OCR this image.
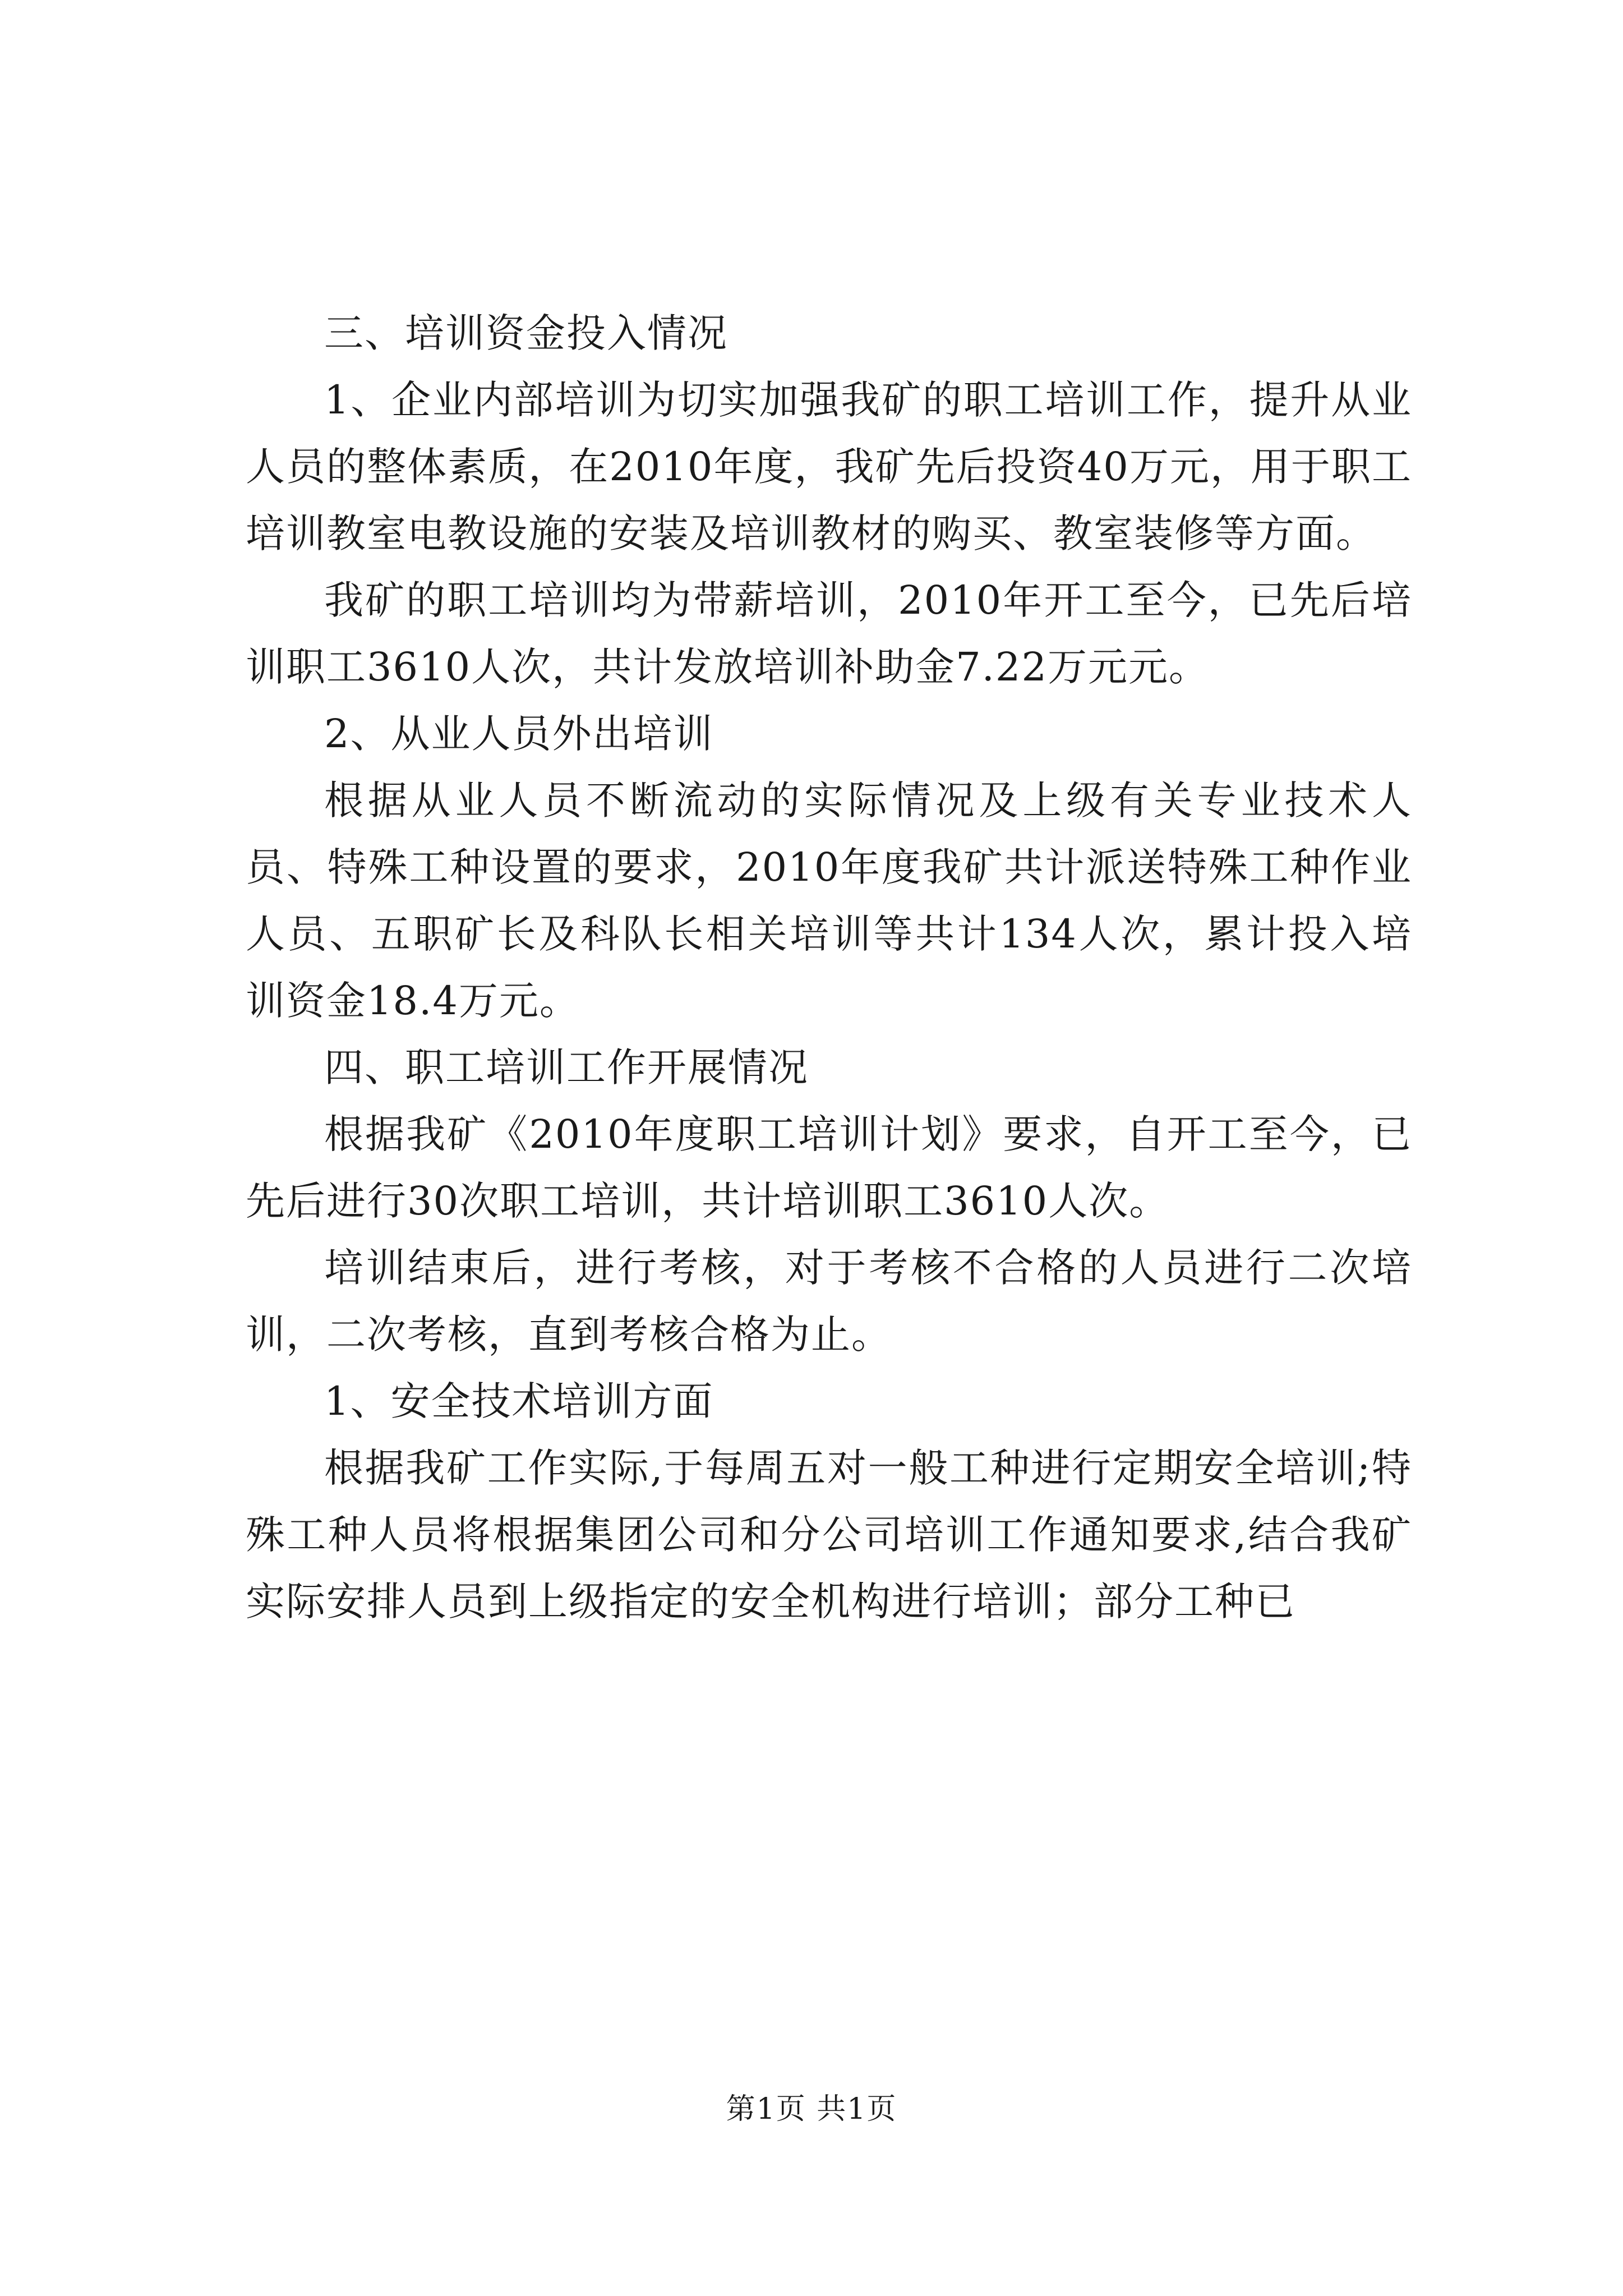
三、培训资金投入情况

1、企业内部培训为切实加强我矿的职工培训工作，提升从业人员的整体素质，在2010年度，我矿先后投资40万元，用于职工培训教室电教设施的安装及培训教材的购买、教室装修等方面。

我矿的职工培训均为带薪培训，2010年开工至今，已先后培训职工3610人次，共计发放培训补助金7.22万元元。

2、从业人员外出培训

根据从业人员不断流动的实际情况及上级有关专业技术人员、特殊工种设置的要求，2010年度我矿共计派送特殊工种作业人员、五职矿长及科队长相关培训等共计134人次，累计投入培训资金18.4万元。

四、职工培训工作开展情况

根据我矿《2010年度职工培训计划》要求，自开工至今，已先后进行30次职工培训，共计培训职工3610人次。

培训结束后，进行考核，对于考核不合格的人员进行二次培训，二次考核，直到考核合格为止。

1、安全技术培训方面

根据我矿工作实际,于每周五对一般工种进行定期安全培训;特殊工种人员将根据集团公司和分公司培训工作通知要求,结合我矿实际安排人员到上级指定的安全机构进行培训；部分工种已

第1页 共1页
